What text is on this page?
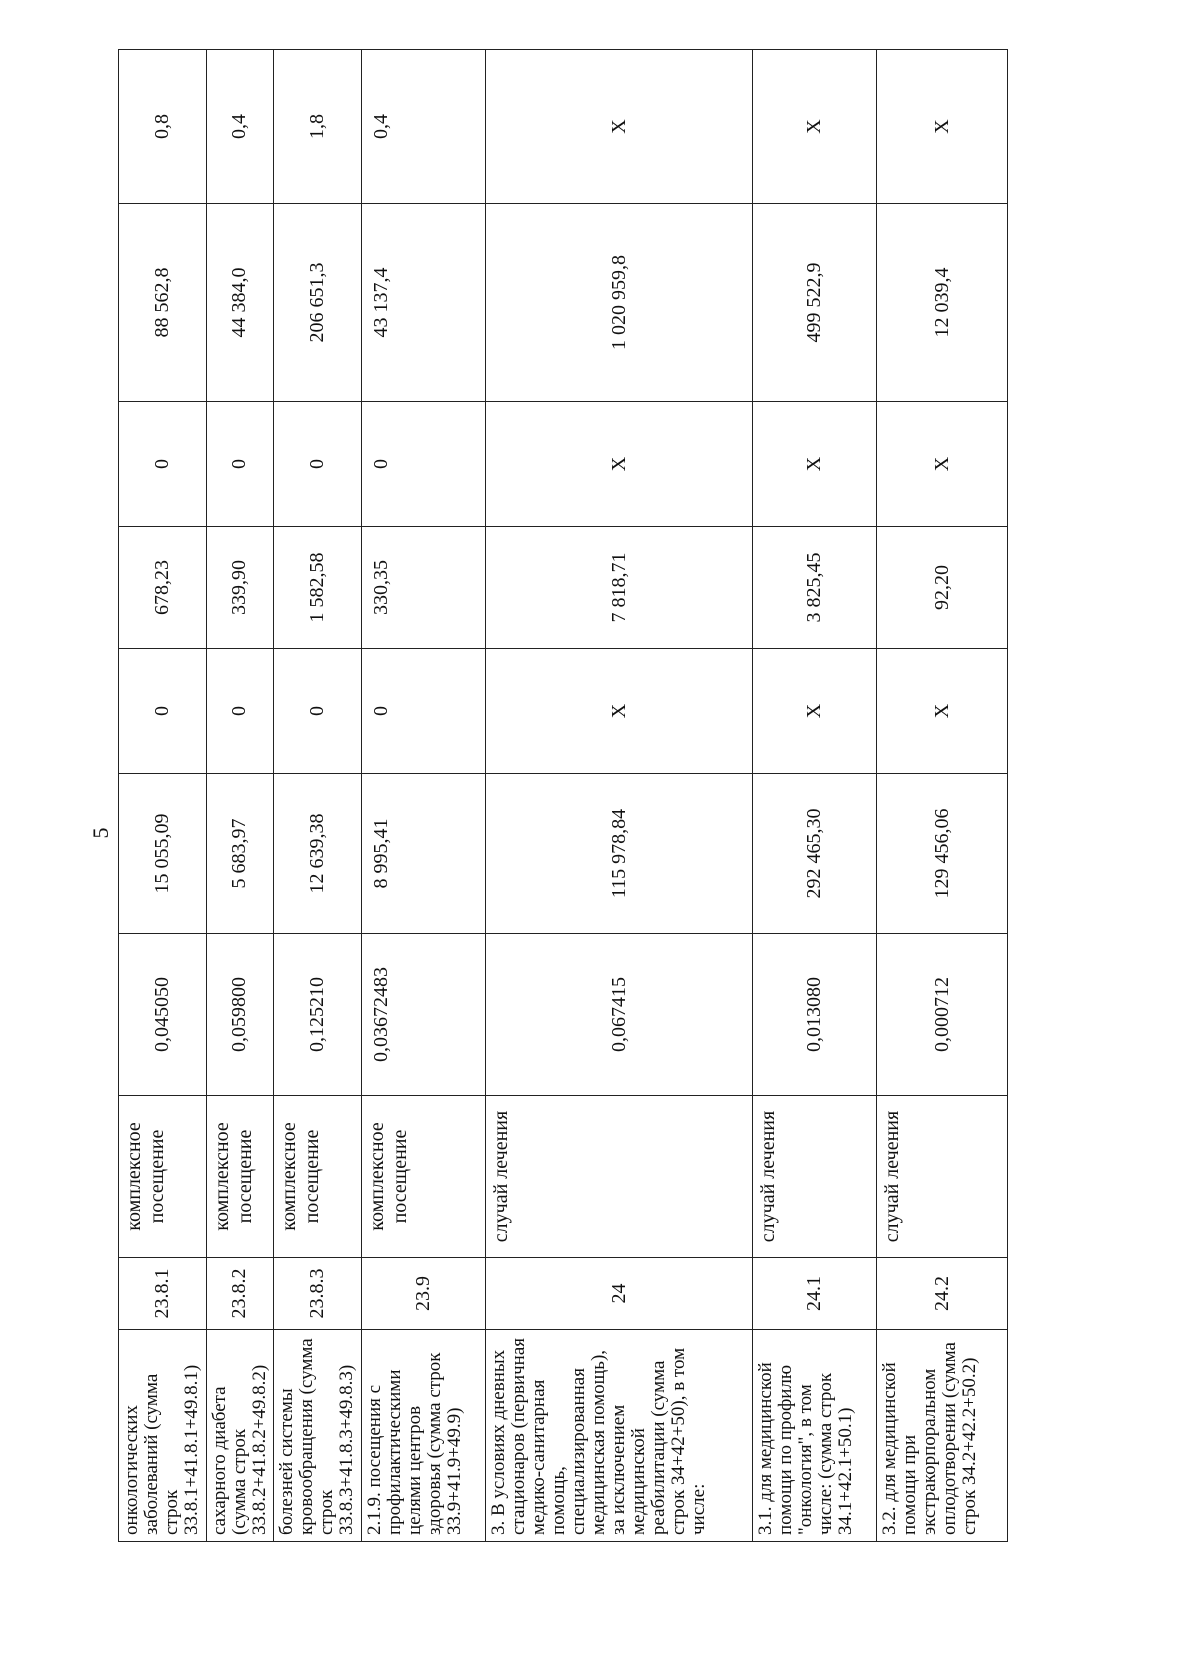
5
онкологических заболеваний (сумма строк 33.8.1+41.8.1+49.8.1)	23.8.1	комплексное посещение	0,045050	15 055,09	0	678,23	0	88 562,8	0,8
сахарного диабета (сумма строк 33.8.2+41.8.2+49.8.2)	23.8.2	комплексное посещение	0,059800	5 683,97	0	339,90	0	44 384,0	0,4
болезней системы кровообращения (сумма строк 33.8.3+41.8.3+49.8.3)	23.8.3	комплексное посещение	0,125210	12 639,38	0	1 582,58	0	206 651,3	1,8
2.1.9. посещения с профилактическими целями центров здоровья (сумма строк 33.9+41.9+49.9)	23.9	комплексное посещение	0,03672483	8 995,41	0	330,35	0	43 137,4	0,4
3. В условиях дневных стационаров (первичная медико-санитарная помощь, специализированная медицинская помощь), за исключением медицинской реабилитации (сумма строк 34+42+50), в том числе:	24	случай лечения	0,067415	115 978,84	X	7 818,71	X	1 020 959,8	X
3.1. для медицинской помощи по профилю "онкология", в том числе: (сумма строк 34.1+42.1+50.1)	24.1	случай лечения	0,013080	292 465,30	X	3 825,45	X	499 522,9	X
3.2. для медицинской помощи при экстракорпоральном оплодотворении (сумма строк 34.2+42.2+50.2)	24.2	случай лечения	0,000712	129 456,06	X	92,20	X	12 039,4	X
